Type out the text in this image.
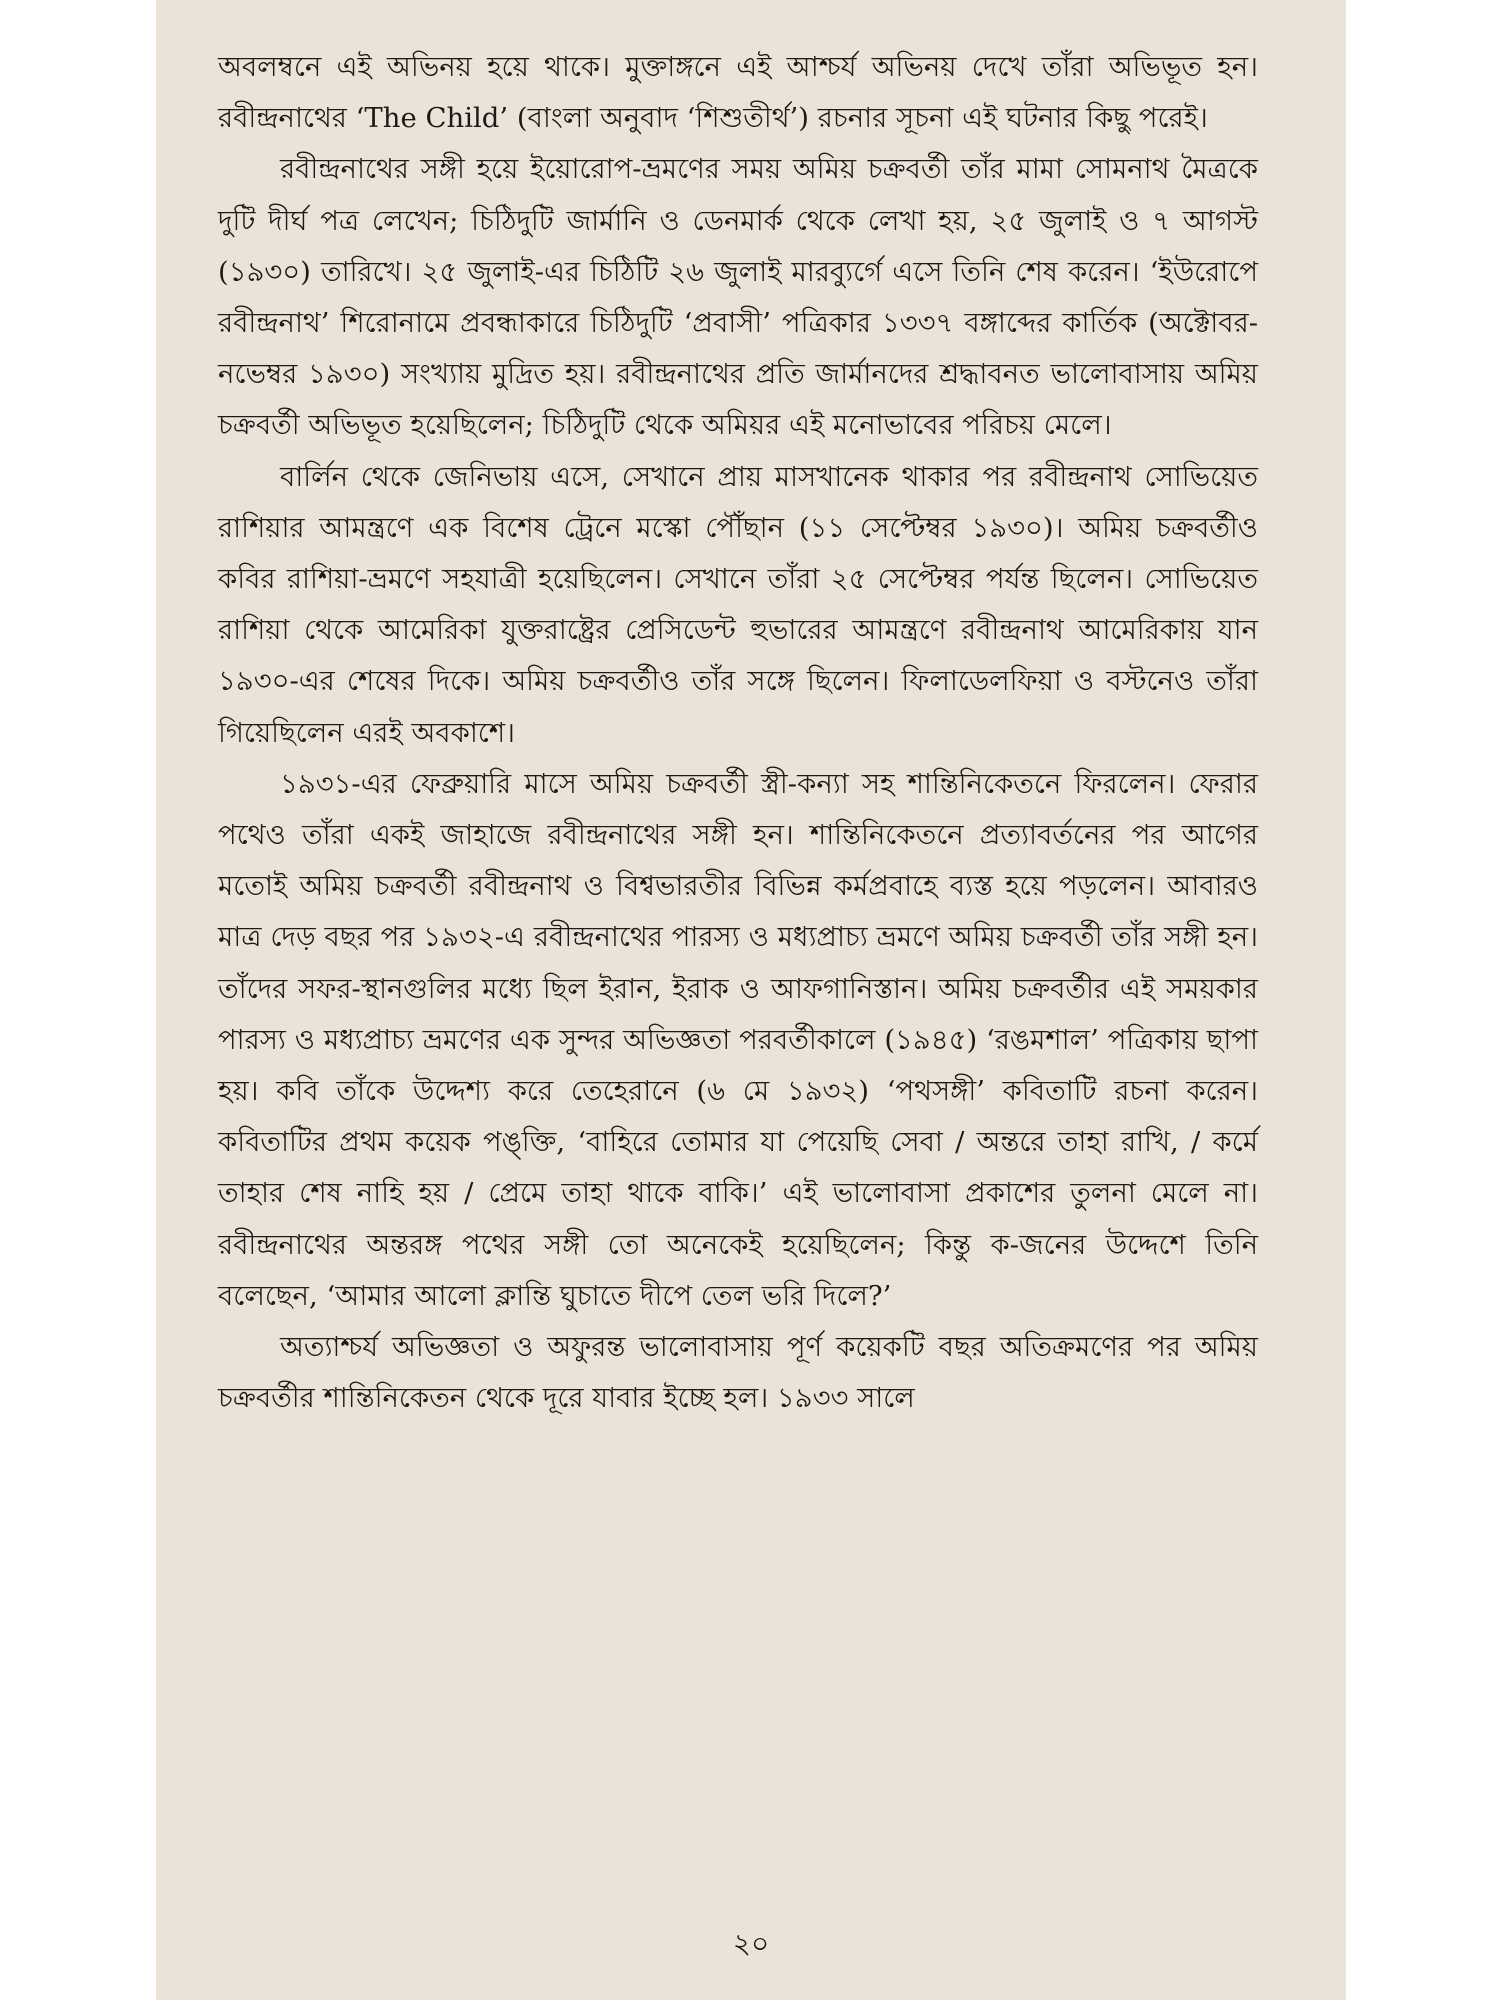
অবলম্বনে এই অভিনয় হয়ে থাকে। মুক্তাঙ্গনে এই আশ্চর্য অভিনয় দেখে তাঁরা অভিভূত হন। রবীন্দ্রনাথের ‘The Child’ (বাংলা অনুবাদ ‘শিশুতীর্থ’) রচনার সূচনা এই ঘটনার কিছু পরেই।

রবীন্দ্রনাথের সঙ্গী হয়ে ইয়োরোপ-ভ্রমণের সময় অমিয় চক্রবর্তী তাঁর মামা সোমনাথ মৈত্রকে দুটি দীর্ঘ পত্র লেখেন; চিঠিদুটি জার্মানি ও ডেনমার্ক থেকে লেখা হয়, ২৫ জুলাই ও ৭ আগস্ট (১৯৩০) তারিখে। ২৫ জুলাই-এর চিঠিটি ২৬ জুলাই মারব্যুর্গে এসে তিনি শেষ করেন। ‘ইউরোপে রবীন্দ্রনাথ’ শিরোনামে প্রবন্ধাকারে চিঠিদুটি ‘প্রবাসী’ পত্রিকার ১৩৩৭ বঙ্গাব্দের কার্তিক (অক্টোবর-নভেম্বর ১৯৩০) সংখ্যায় মুদ্রিত হয়। রবীন্দ্রনাথের প্রতি জার্মানদের শ্রদ্ধাবনত ভালোবাসায় অমিয় চক্রবর্তী অভিভূত হয়েছিলেন; চিঠিদুটি থেকে অমিয়র এই মনোভাবের পরিচয় মেলে।

বার্লিন থেকে জেনিভায় এসে, সেখানে প্রায় মাসখানেক থাকার পর রবীন্দ্রনাথ সোভিয়েত রাশিয়ার আমন্ত্রণে এক বিশেষ ট্রেনে মস্কো পৌঁছান (১১ সেপ্টেম্বর ১৯৩০)। অমিয় চক্রবর্তীও কবির রাশিয়া-ভ্রমণে সহযাত্রী হয়েছিলেন। সেখানে তাঁরা ২৫ সেপ্টেম্বর পর্যন্ত ছিলেন। সোভিয়েত রাশিয়া থেকে আমেরিকা যুক্তরাষ্ট্রের প্রেসিডেন্ট হুভারের আমন্ত্রণে রবীন্দ্রনাথ আমেরিকায় যান ১৯৩০-এর শেষের দিকে। অমিয় চক্রবর্তীও তাঁর সঙ্গে ছিলেন। ফিলাডেলফিয়া ও বস্টনেও তাঁরা গিয়েছিলেন এরই অবকাশে।

১৯৩১-এর ফেব্রুয়ারি মাসে অমিয় চক্রবর্তী স্ত্রী-কন্যা সহ শান্তিনিকেতনে ফিরলেন। ফেরার পথেও তাঁরা একই জাহাজে রবীন্দ্রনাথের সঙ্গী হন। শান্তিনিকেতনে প্রত্যাবর্তনের পর আগের মতোই অমিয় চক্রবর্তী রবীন্দ্রনাথ ও বিশ্বভারতীর বিভিন্ন কর্মপ্রবাহে ব্যস্ত হয়ে পড়লেন। আবারও মাত্র দেড় বছর পর ১৯৩২-এ রবীন্দ্রনাথের পারস্য ও মধ্যপ্রাচ্য ভ্রমণে অমিয় চক্রবর্তী তাঁর সঙ্গী হন। তাঁদের সফর-স্থানগুলির মধ্যে ছিল ইরান, ইরাক ও আফগানিস্তান। অমিয় চক্রবর্তীর এই সময়কার পারস্য ও মধ্যপ্রাচ্য ভ্রমণের এক সুন্দর অভিজ্ঞতা পরবর্তীকালে (১৯৪৫) ‘রঙমশাল’ পত্রিকায় ছাপা হয়। কবি তাঁকে উদ্দেশ্য করে তেহেরানে (৬ মে ১৯৩২) ‘পথসঙ্গী’ কবিতাটি রচনা করেন। কবিতাটির প্রথম কয়েক পঙ্‌ক্তি, ‘বাহিরে তোমার যা পেয়েছি সেবা / অন্তরে তাহা রাখি, / কর্মে তাহার শেষ নাহি হয় / প্রেমে তাহা থাকে বাকি।’ এই ভালোবাসা প্রকাশের তুলনা মেলে না। রবীন্দ্রনাথের অন্তরঙ্গ পথের সঙ্গী তো অনেকেই হয়েছিলেন; কিন্তু ক-জনের উদ্দেশে তিনি বলেছেন, ‘আমার আলো ক্লান্তি ঘুচাতে দীপে তেল ভরি দিলে?’

অত্যাশ্চর্য অভিজ্ঞতা ও অফুরন্ত ভালোবাসায় পূর্ণ কয়েকটি বছর অতিক্রমণের পর অমিয় চক্রবর্তীর শান্তিনিকেতন থেকে দূরে যাবার ইচ্ছে হল। ১৯৩৩ সালে

২০
